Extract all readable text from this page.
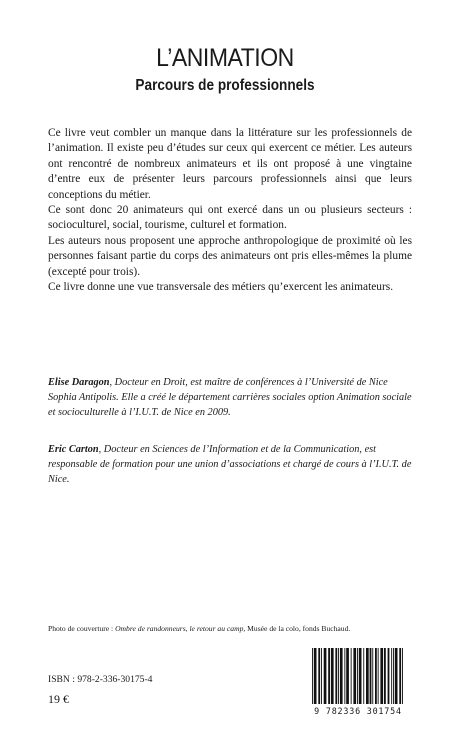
L’ANIMATION
Parcours de professionnels

Ce livre veut combler un manque dans la littérature sur les professionnels de l’animation. Il existe peu d’études sur ceux qui exercent ce métier. Les auteurs ont rencontré de nombreux animateurs et ils ont proposé à une vingtaine d’entre eux de présenter leurs parcours professionnels ainsi que leurs conceptions du métier.

Ce sont donc 20 animateurs qui ont exercé dans un ou plusieurs secteurs : socioculturel, social, tourisme, culturel et formation.

Les auteurs nous proposent une approche anthropologique de proximité où les personnes faisant partie du corps des animateurs ont pris elles-mêmes la plume (excepté pour trois).

Ce livre donne une vue transversale des métiers qu’exercent les animateurs.

Elise Daragon, Docteur en Droit, est maître de conférences à l’Université de Nice Sophia Antipolis. Elle a créé le département carrières sociales option Animation sociale et socioculturelle à l’I.U.T. de Nice en 2009.
Eric Carton, Docteur en Sciences de l’Information et de la Communication, est responsable de formation pour une union d’associations et chargé de cours à l’I.U.T. de Nice.
Photo de couverture : Ombre de randonneurs, le retour au camp, Musée de la colo, fonds Buchaud.
ISBN : 978-2-336-30175-4
19 €
9 782336 301754
